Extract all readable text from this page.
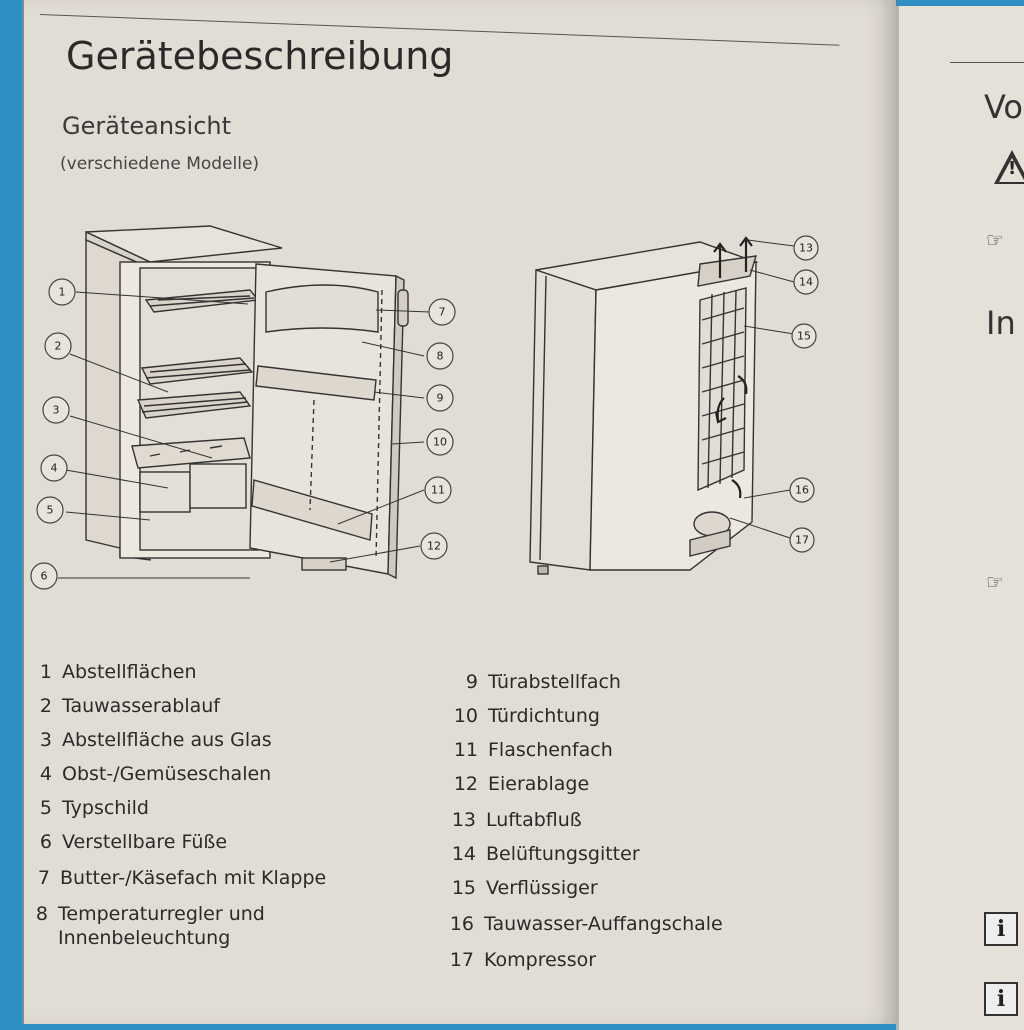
Gerätebeschreibung
Geräteansicht
(verschiedene Modelle)
1
2
3
4
5
6
7
8
9
10
11
12
13
14
15
16
17
1 Abstellflächen
2 Tauwasserablauf
3 Abstellfläche aus Glas
4 Obst-/Gemüseschalen
5 Typschild
6 Verstellbare Füße
7 Butter-/Käsefach mit Klappe
8 Temperaturregler und
Innenbeleuchtung
9 Türabstellfach
10 Türdichtung
11 Flaschenfach
12 Eierablage
13 Luftabfluß
14 Belüftungsgitter
15 Verflüssiger
16 Tauwasser-Auffangschale
17 Kompressor
Vo
!
☞
In
☞
i
i
